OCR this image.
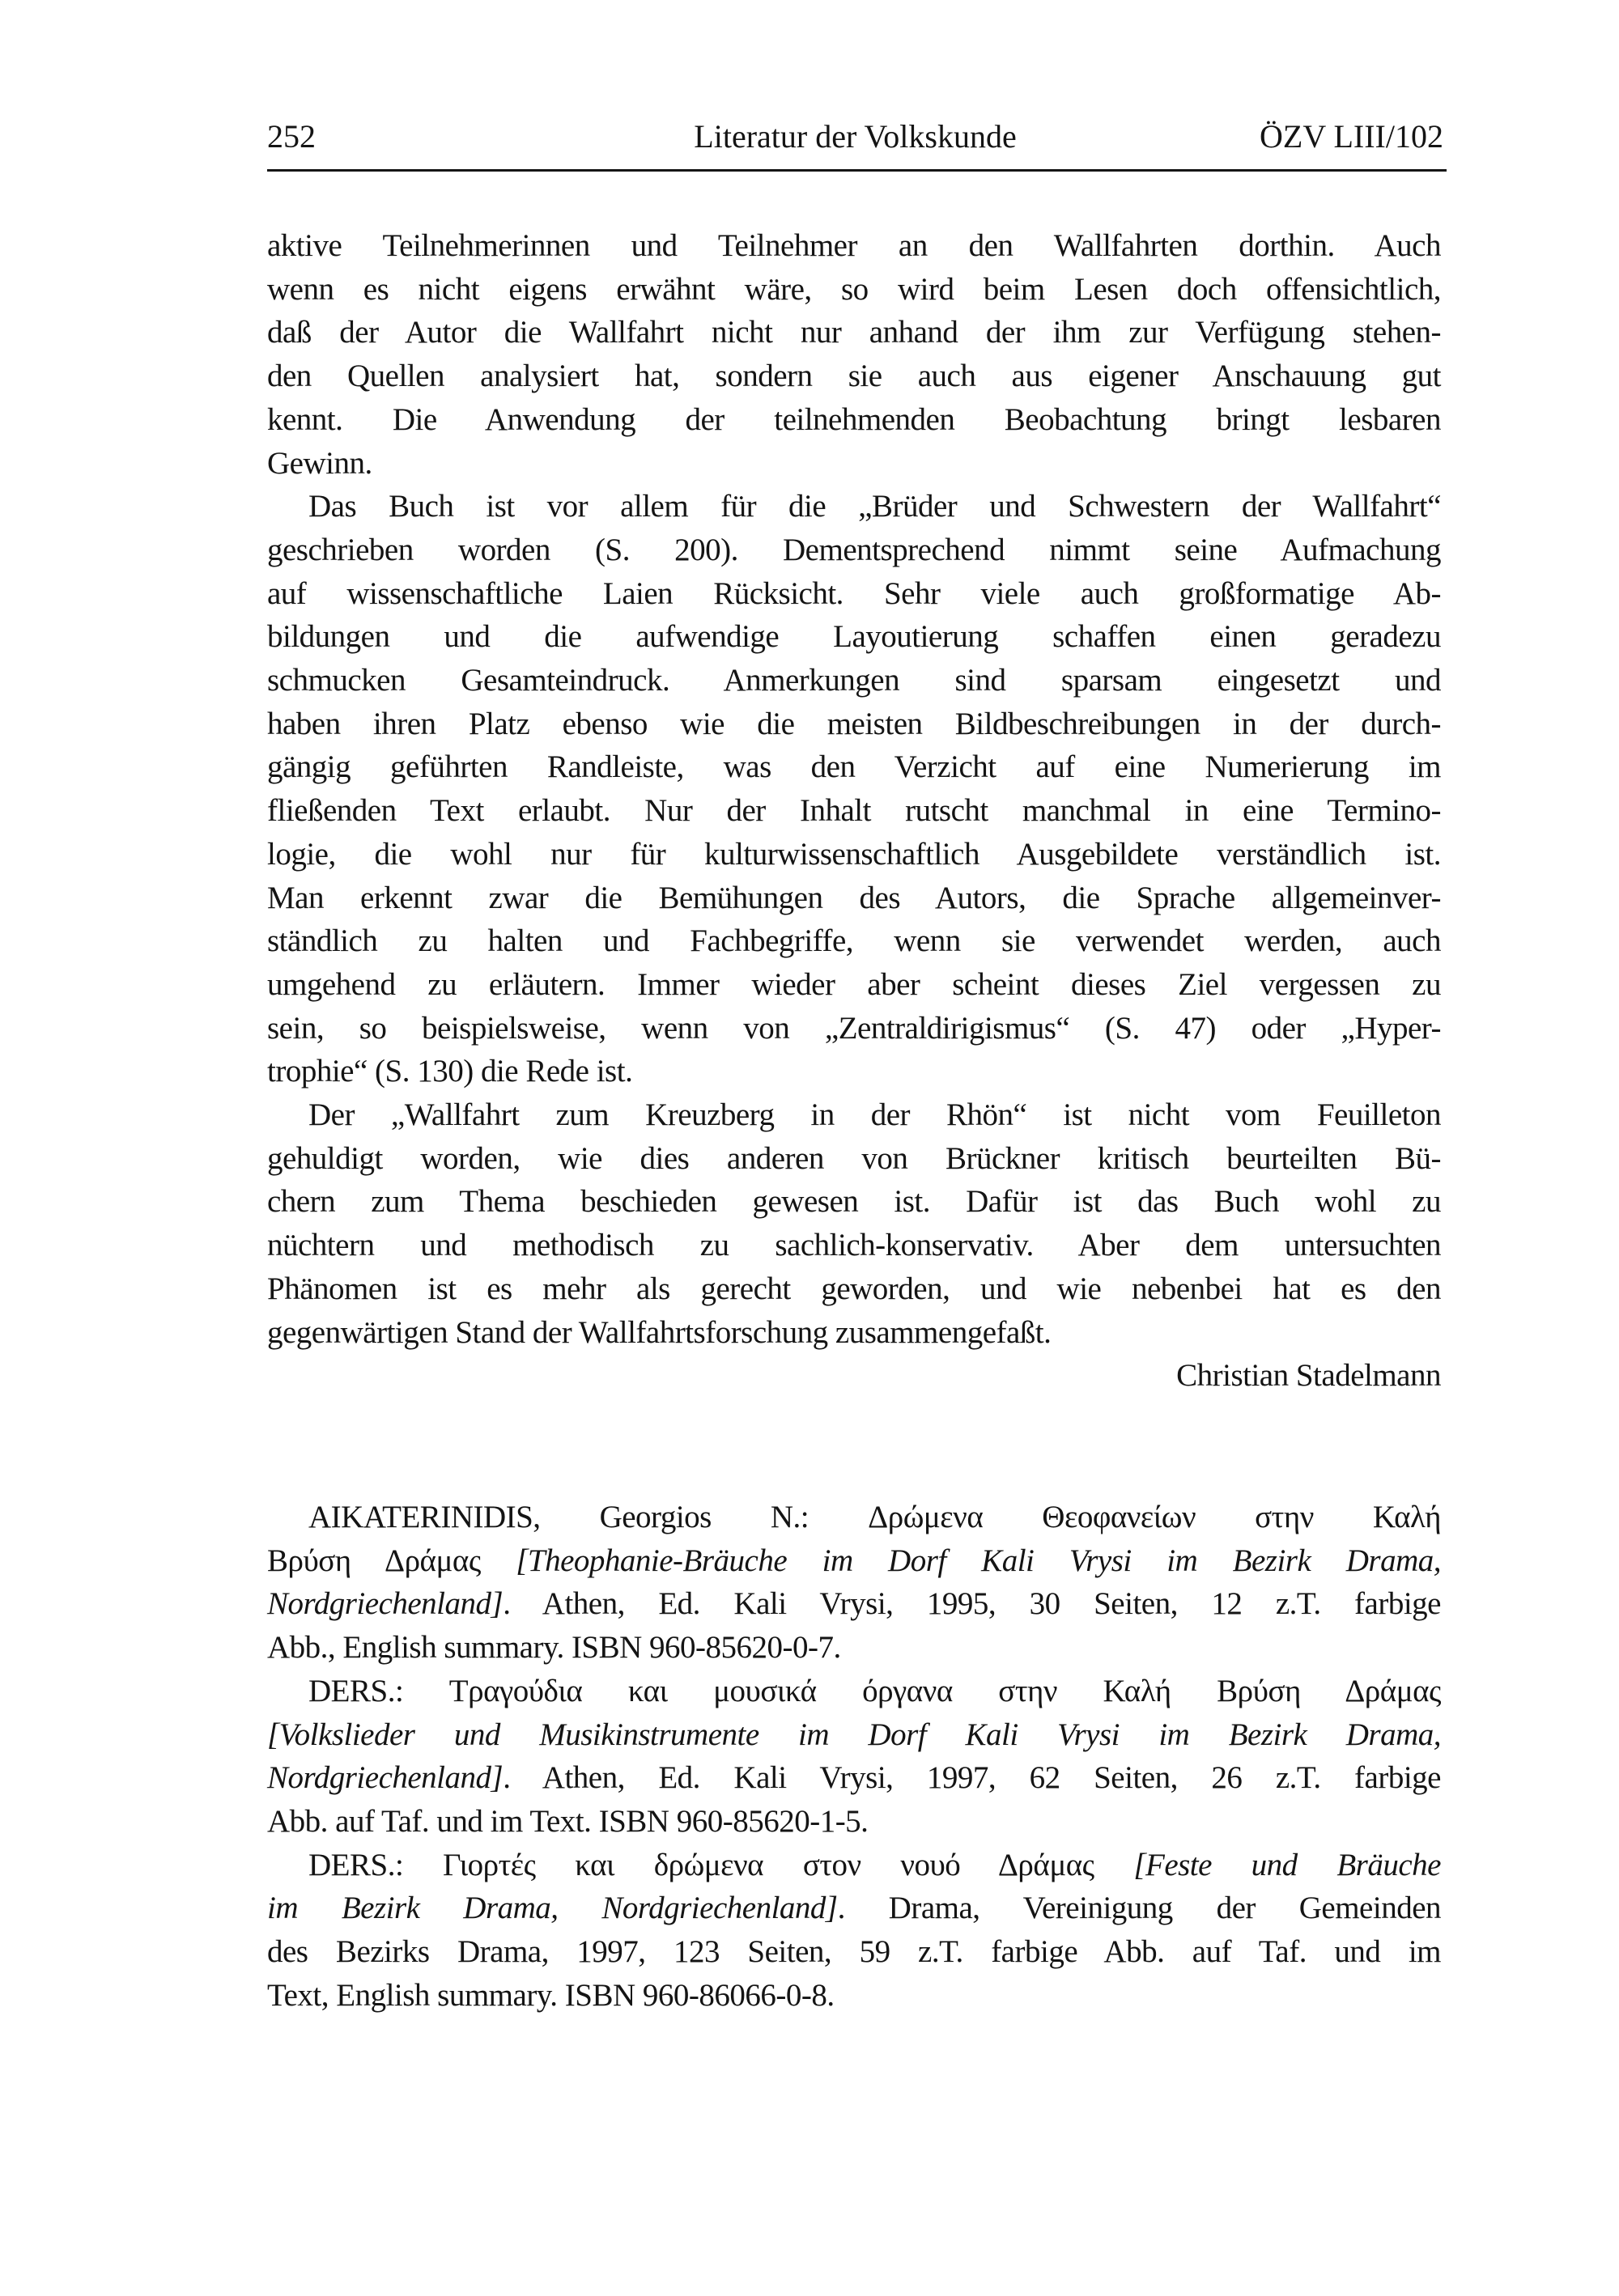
252	Literatur der Volkskunde	ÖZV LIII/102
aktive Teilnehmerinnen und Teilnehmer an den Wallfahrten dorthin. Auch
wenn es nicht eigens erwähnt wäre, so wird beim Lesen doch offensichtlich,
daß der Autor die Wallfahrt nicht nur anhand der ihm zur Verfügung stehen-
den Quellen analysiert hat, sondern sie auch aus eigener Anschauung gut
kennt. Die Anwendung der teilnehmenden Beobachtung bringt lesbaren
Gewinn.
Das Buch ist vor allem für die „Brüder und Schwestern der Wallfahrt“
geschrieben worden (S. 200). Dementsprechend nimmt seine Aufmachung
auf wissenschaftliche Laien Rücksicht. Sehr viele auch großformatige Ab-
bildungen und die aufwendige Layoutierung schaffen einen geradezu
schmucken Gesamteindruck. Anmerkungen sind sparsam eingesetzt und
haben ihren Platz ebenso wie die meisten Bildbeschreibungen in der durch-
gängig geführten Randleiste, was den Verzicht auf eine Numerierung im
fließenden Text erlaubt. Nur der Inhalt rutscht manchmal in eine Termino-
logie, die wohl nur für kulturwissenschaftlich Ausgebildete verständlich ist.
Man erkennt zwar die Bemühungen des Autors, die Sprache allgemeinver-
ständlich zu halten und Fachbegriffe, wenn sie verwendet werden, auch
umgehend zu erläutern. Immer wieder aber scheint dieses Ziel vergessen zu
sein, so beispielsweise, wenn von „Zentraldirigismus“ (S. 47) oder „Hyper-
trophie“ (S. 130) die Rede ist.
Der „Wallfahrt zum Kreuzberg in der Rhön“ ist nicht vom Feuilleton
gehuldigt worden, wie dies anderen von Brückner kritisch beurteilten Bü-
chern zum Thema beschieden gewesen ist. Dafür ist das Buch wohl zu
nüchtern und methodisch zu sachlich-konservativ. Aber dem untersuchten
Phänomen ist es mehr als gerecht geworden, und wie nebenbei hat es den
gegenwärtigen Stand der Wallfahrtsforschung zusammengefaßt.
Christian Stadelmann
AIKATERINIDIS, Georgios N.: Δρώμενα Θεοφανείων στην Καλή
Βρύση Δράμας [Theophanie-Bräuche im Dorf Kali Vrysi im Bezirk Drama,
Nordgriechenland]. Athen, Ed. Kali Vrysi, 1995, 30 Seiten, 12 z.T. farbige
Abb., English summary. ISBN 960-85620-0-7.
DERS.: Τραγούδια και μουσικά όργανα στην Καλή Βρύση Δράμας
[Volkslieder und Musikinstrumente im Dorf Kali Vrysi im Bezirk Drama,
Nordgriechenland]. Athen, Ed. Kali Vrysi, 1997, 62 Seiten, 26 z.T. farbige
Abb. auf Taf. und im Text. ISBN 960-85620-1-5.
DERS.: Γιορτές και δρώμενα στον νουό Δράμας [Feste und Bräuche
im Bezirk Drama, Nordgriechenland]. Drama, Vereinigung der Gemeinden
des Bezirks Drama, 1997, 123 Seiten, 59 z.T. farbige Abb. auf Taf. und im
Text, English summary. ISBN 960-86066-0-8.
